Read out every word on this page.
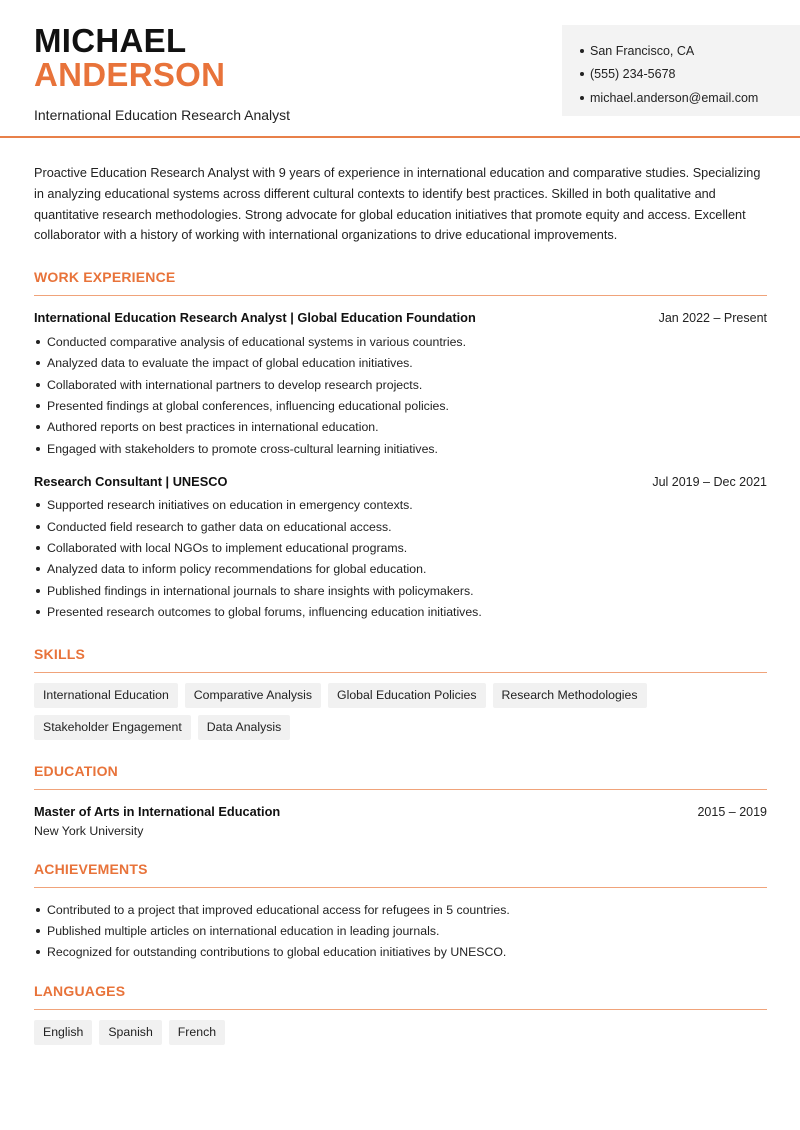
MICHAEL
ANDERSON
International Education Research Analyst
San Francisco, CA
(555) 234-5678
michael.anderson@email.com

Proactive Education Research Analyst with 9 years of experience in international education and comparative studies. Specializing in analyzing educational systems across different cultural contexts to identify best practices. Skilled in both qualitative and quantitative research methodologies. Strong advocate for global education initiatives that promote equity and access. Excellent collaborator with a history of working with international organizations to drive educational improvements.

WORK EXPERIENCE
International Education Research Analyst | Global Education Foundation	Jan 2022 – Present
Conducted comparative analysis of educational systems in various countries.
Analyzed data to evaluate the impact of global education initiatives.
Collaborated with international partners to develop research projects.
Presented findings at global conferences, influencing educational policies.
Authored reports on best practices in international education.
Engaged with stakeholders to promote cross-cultural learning initiatives.
Research Consultant | UNESCO	Jul 2019 – Dec 2021
Supported research initiatives on education in emergency contexts.
Conducted field research to gather data on educational access.
Collaborated with local NGOs to implement educational programs.
Analyzed data to inform policy recommendations for global education.
Published findings in international journals to share insights with policymakers.
Presented research outcomes to global forums, influencing education initiatives.
SKILLS
International Education	Comparative Analysis	Global Education Policies	Research Methodologies
Stakeholder Engagement	Data Analysis
EDUCATION
Master of Arts in International Education	2015 – 2019
New York University
ACHIEVEMENTS
Contributed to a project that improved educational access for refugees in 5 countries.
Published multiple articles on international education in leading journals.
Recognized for outstanding contributions to global education initiatives by UNESCO.
LANGUAGES
English	Spanish	French
